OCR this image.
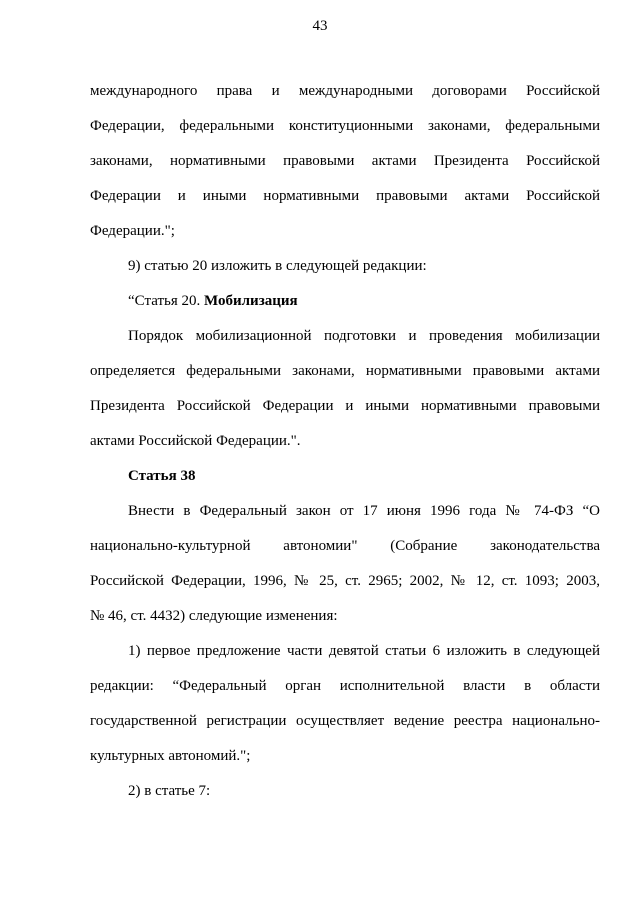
43
международного права и международными договорами Российской
Федерации, федеральными конституционными законами, федеральными
законами, нормативными правовыми актами Президента Российской
Федерации и иными нормативными правовыми актами Российской
Федерации.";
9) статью 20 изложить в следующей редакции:
“Статья 20. Мобилизация
Порядок мобилизационной подготовки и проведения мобилизации
определяется федеральными законами, нормативными правовыми актами
Президента Российской Федерации и иными нормативными правовыми
актами Российской Федерации.".
Статья 38
Внести в Федеральный закон от 17 июня 1996 года № 74-ФЗ “О
национально-культурной автономии" (Собрание законодательства
Российской Федерации, 1996, № 25, ст. 2965; 2002, № 12, ст. 1093; 2003,
№ 46, ст. 4432) следующие изменения:
1) первое предложение части девятой статьи 6 изложить в следующей
редакции: “Федеральный орган исполнительной власти в области
государственной регистрации осуществляет ведение реестра национально-
культурных автономий.";
2) в статье 7:
